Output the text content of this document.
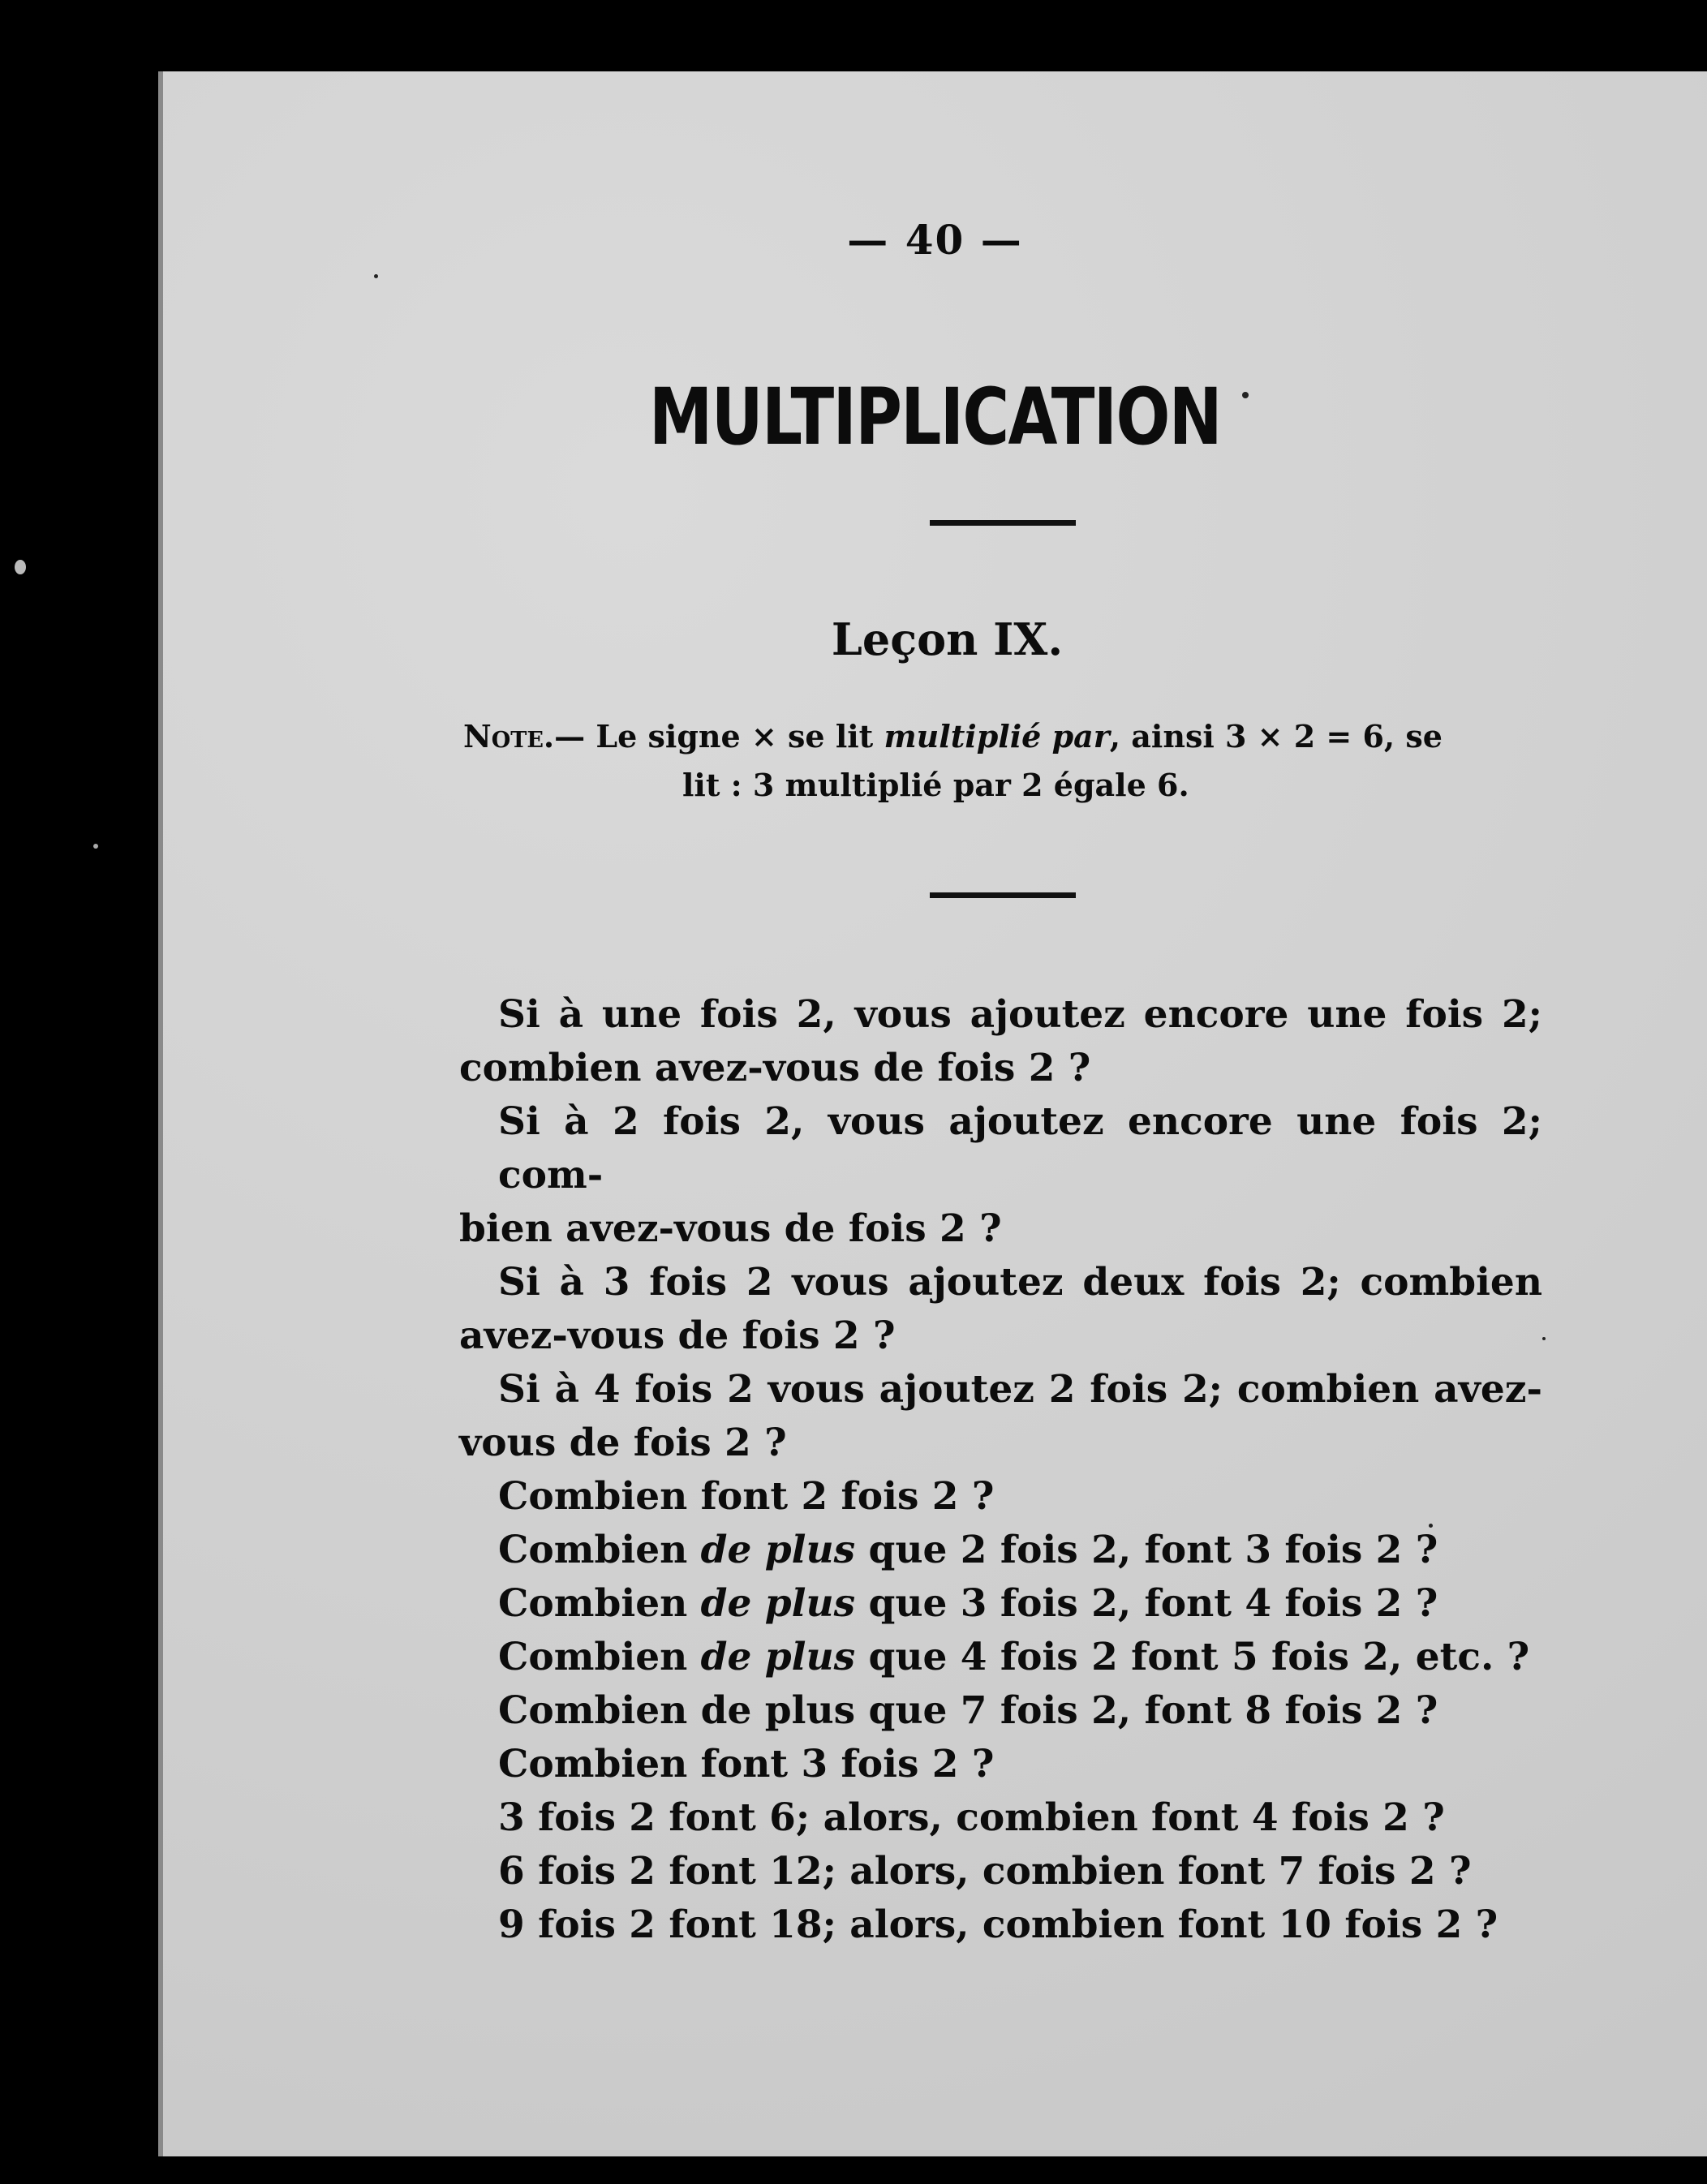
— 40 —
MULTIPLICATION
Leçon IX.
Note.— Le signe × se lit multiplié par, ainsi 3 × 2 = 6, se
lit : 3 multiplié par 2 égale 6.
Si à une fois 2, vous ajoutez encore une fois 2;
combien avez-vous de fois 2 ?
Si à 2 fois 2, vous ajoutez encore une fois 2; com-
bien avez-vous de fois 2 ?
Si à 3 fois 2 vous ajoutez deux fois 2; combien
avez-vous de fois 2 ?
Si à 4 fois 2 vous ajoutez 2 fois 2; combien avez-
vous de fois 2 ?
Combien font 2 fois 2 ?
Combien de plus que 2 fois 2, font 3 fois 2 ?
Combien de plus que 3 fois 2, font 4 fois 2 ?
Combien de plus que 4 fois 2 font 5 fois 2, etc. ?
Combien de plus que 7 fois 2, font 8 fois 2 ?
Combien font 3 fois 2 ?
3 fois 2 font 6; alors, combien font 4 fois 2 ?
6 fois 2 font 12; alors, combien font 7 fois 2 ?
9 fois 2 font 18; alors, combien font 10 fois 2 ?
